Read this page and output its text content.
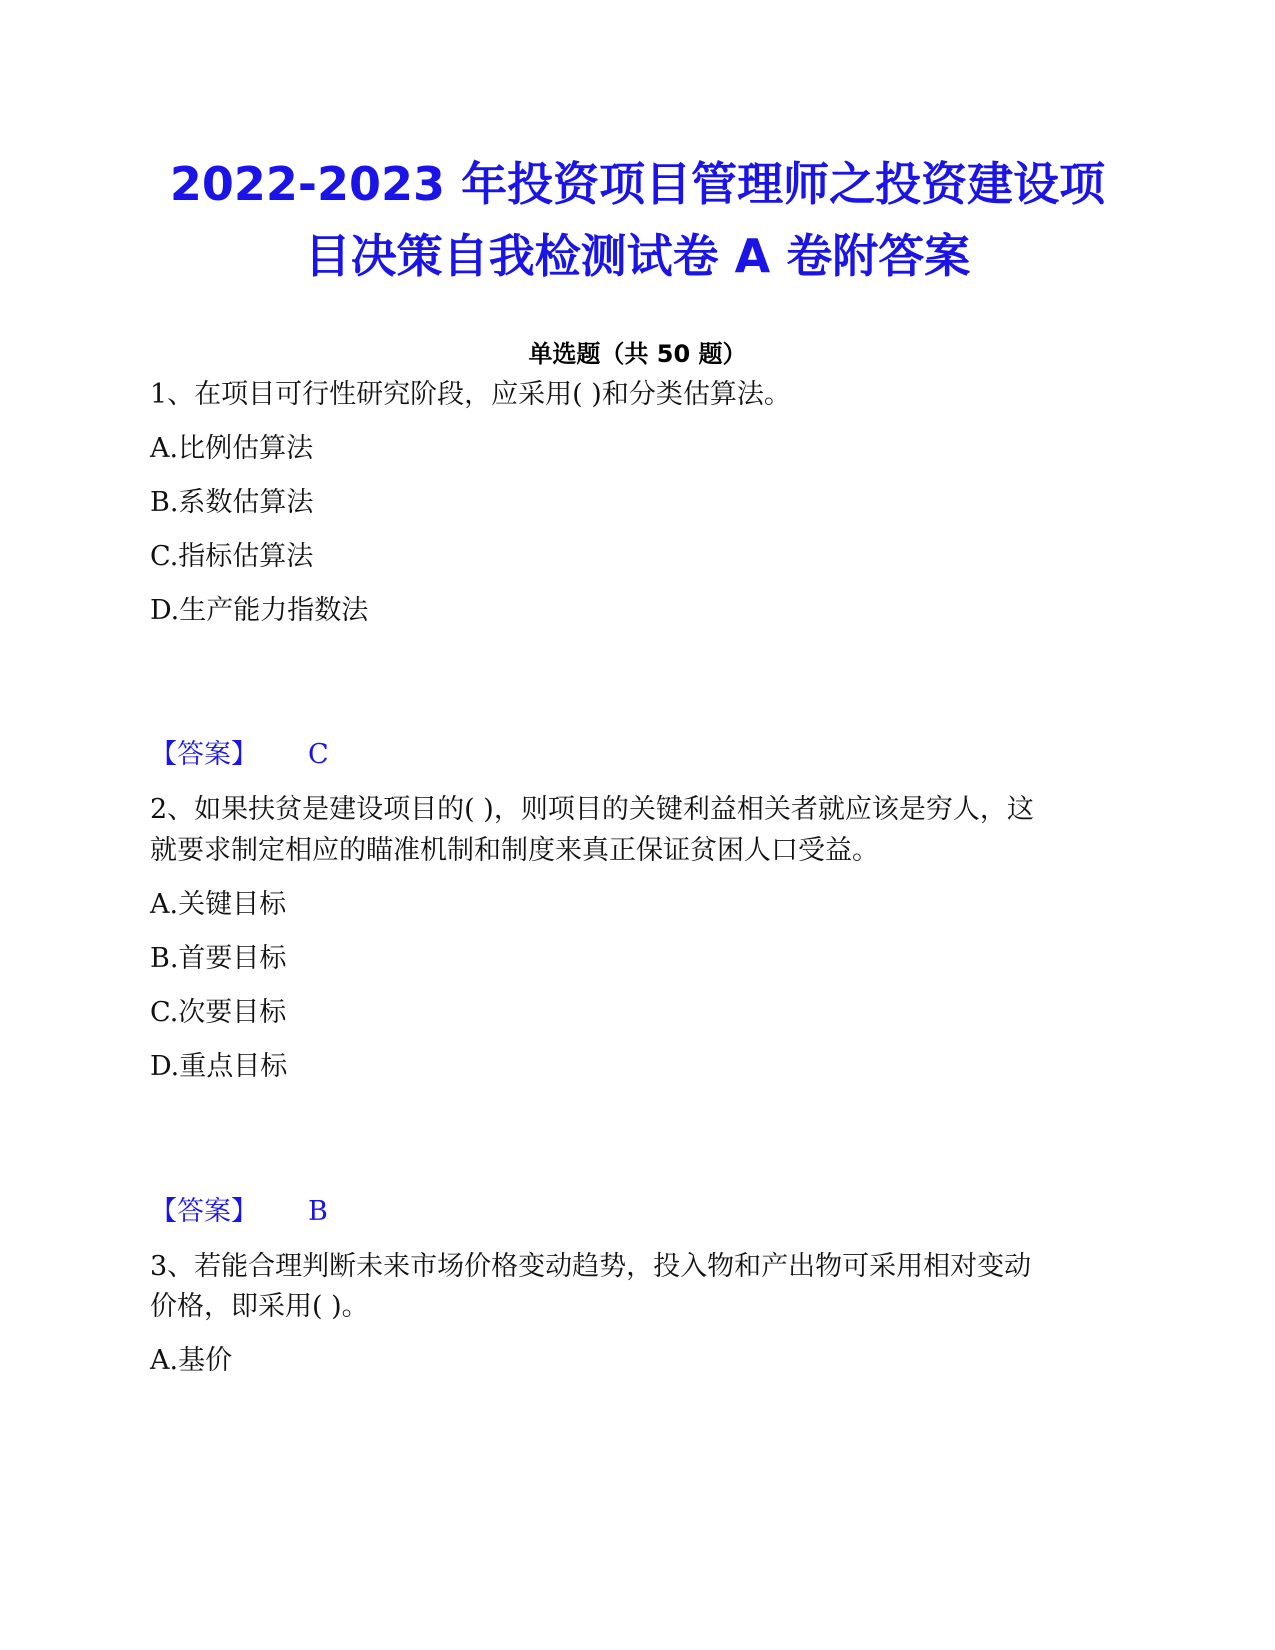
2022-2023 年投资项目管理师之投资建设项
目决策自我检测试卷 A 卷附答案
单选题（共 50 题）
1、在项目可行性研究阶段，应采用( )和分类估算法。
A.比例估算法
B.系数估算法
C.指标估算法
D.生产能力指数法
【答案】 C
2、如果扶贫是建设项目的( )，则项目的关键利益相关者就应该是穷人，这
就要求制定相应的瞄准机制和制度来真正保证贫困人口受益。
A.关键目标
B.首要目标
C.次要目标
D.重点目标
【答案】 B
3、若能合理判断未来市场价格变动趋势，投入物和产出物可采用相对变动
价格，即采用( )。
A.基价
